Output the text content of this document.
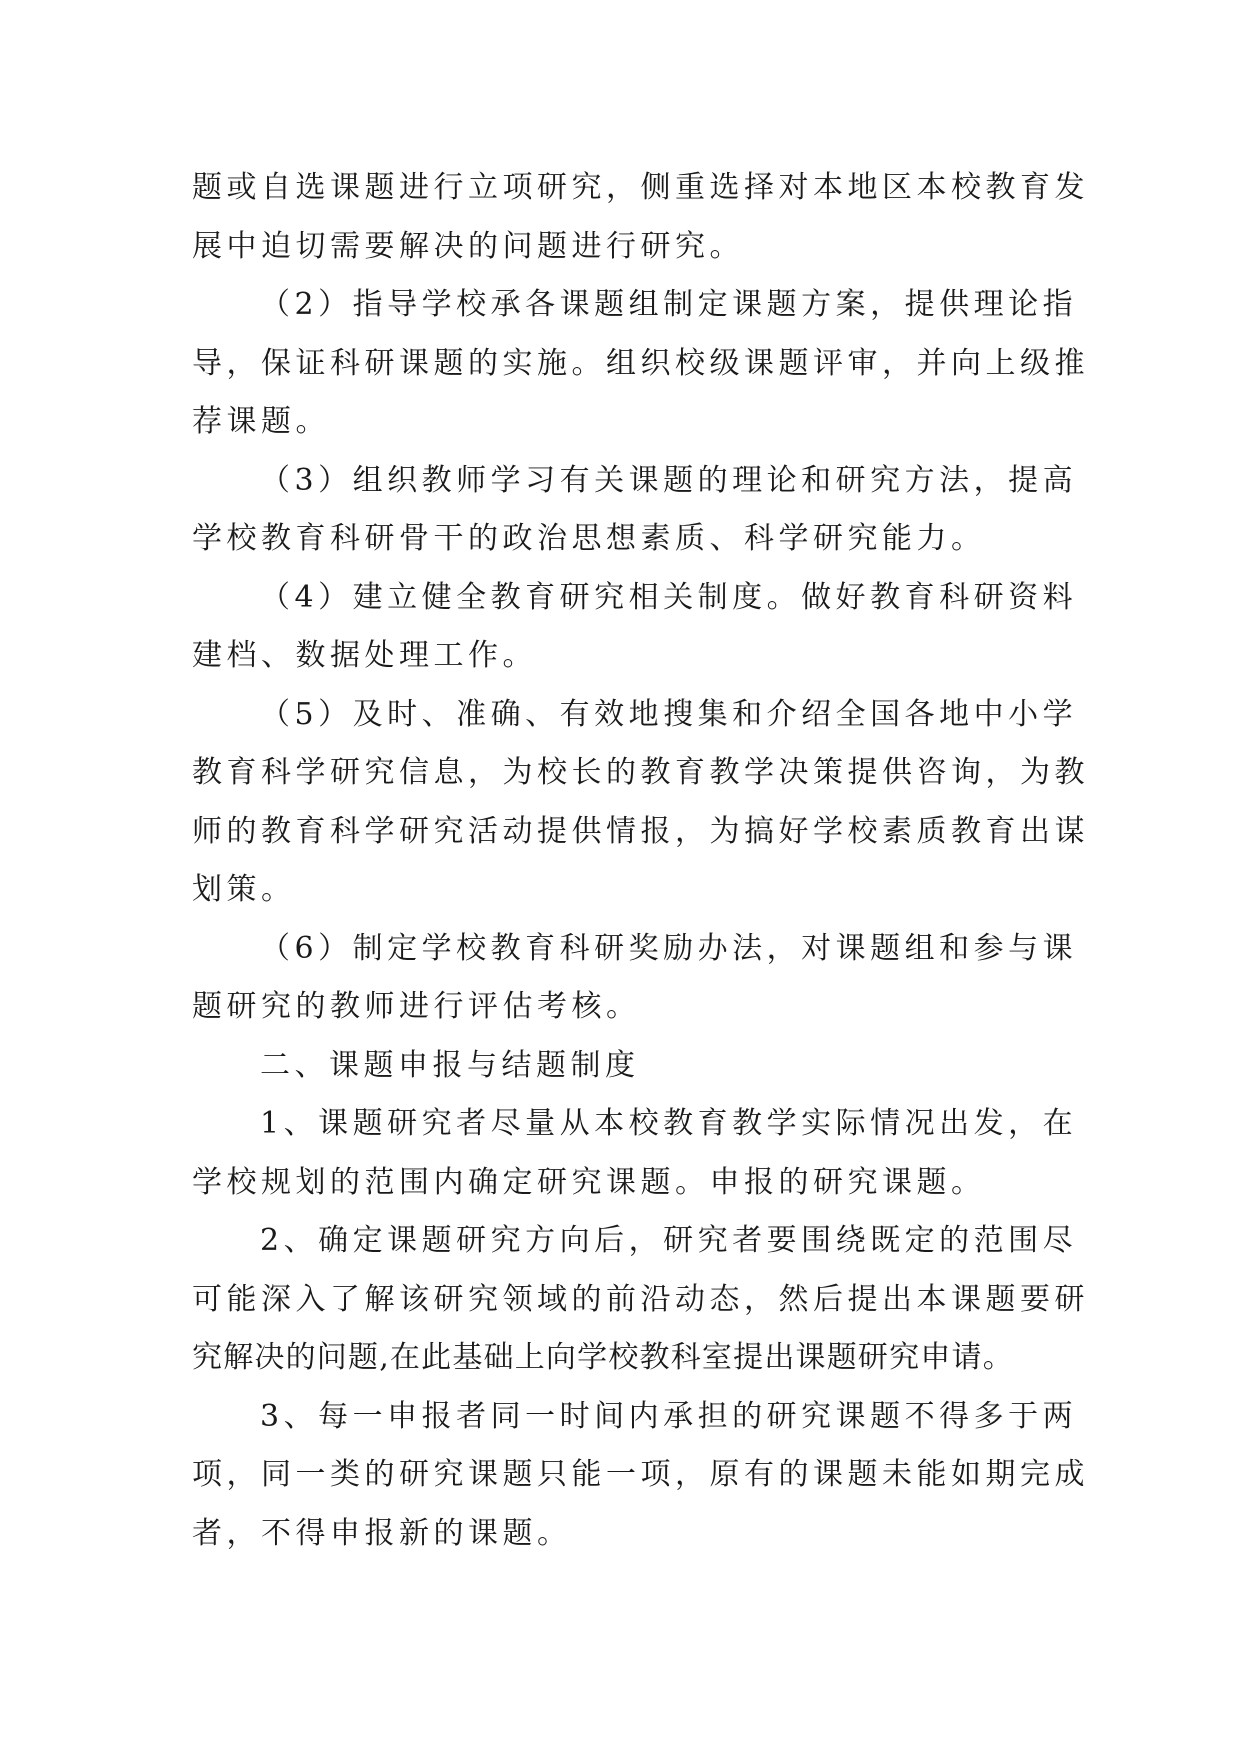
题或自选课题进行立项研究，侧重选择对本地区本校教育发
展中迫切需要解决的问题进行研究。
（2）指导学校承各课题组制定课题方案，提供理论指
导，保证科研课题的实施。组织校级课题评审，并向上级推
荐课题。
（3）组织教师学习有关课题的理论和研究方法，提高
学校教育科研骨干的政治思想素质、科学研究能力。
（4）建立健全教育研究相关制度。做好教育科研资料
建档、数据处理工作。
（5）及时、准确、有效地搜集和介绍全国各地中小学
教育科学研究信息，为校长的教育教学决策提供咨询，为教
师的教育科学研究活动提供情报，为搞好学校素质教育出谋
划策。
（6）制定学校教育科研奖励办法，对课题组和参与课
题研究的教师进行评估考核。
二、课题申报与结题制度
1、课题研究者尽量从本校教育教学实际情况出发，在
学校规划的范围内确定研究课题。申报的研究课题。
2、确定课题研究方向后，研究者要围绕既定的范围尽
可能深入了解该研究领域的前沿动态，然后提出本课题要研
究解决的问题,在此基础上向学校教科室提出课题研究申请。
3、每一申报者同一时间内承担的研究课题不得多于两
项，同一类的研究课题只能一项，原有的课题未能如期完成
者，不得申报新的课题。
